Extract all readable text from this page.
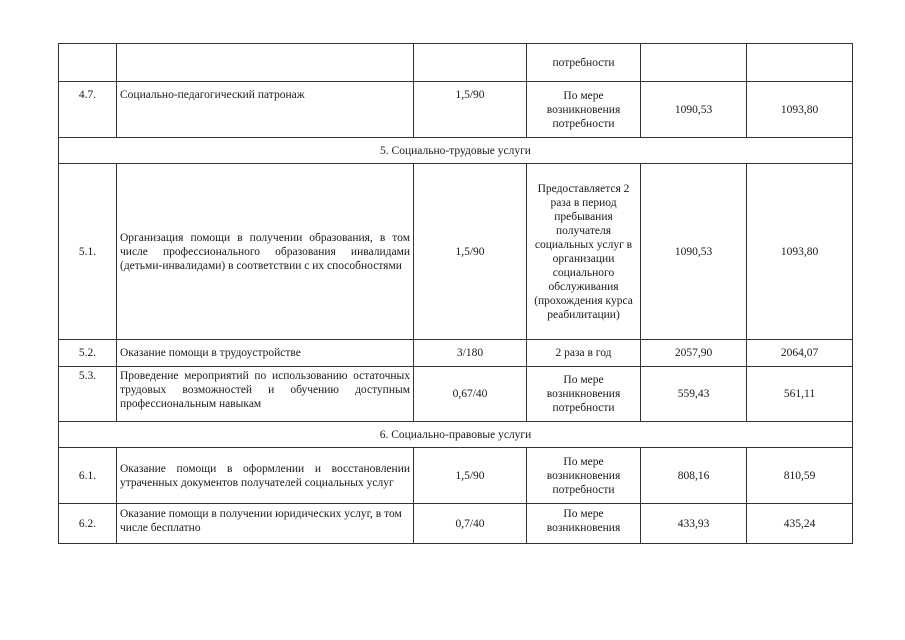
			потребности		
4.7.	Социально-педагогический патронаж	1,5/90	По мере возникновения потребности	1090,53	1093,80
5. Социально-трудовые услуги					
5.1.	Организация помощи в получении образования, в том числе профессионального образования инвалидами (детьми-инвалидами) в соответствии с их способностями	1,5/90	Предоставляется 2 раза в период пребывания получателя социальных услуг в организации социального обслуживания (прохождения курса реабилитации)	1090,53	1093,80
5.2.	Оказание помощи в трудоустройстве	3/180	2 раза в год	2057,90	2064,07
5.3.	Проведение мероприятий по использованию остаточных трудовых возможностей и обучению доступным профессиональным навыкам	0,67/40	По мере возникновения потребности	559,43	561,11
6. Социально-правовые услуги					
6.1.	Оказание помощи в оформлении и восстановлении утраченных документов получателей социальных услуг	1,5/90	По мере возникновения потребности	808,16	810,59
6.2.	Оказание помощи в получении юридических услуг, в том числе бесплатно	0,7/40	По мере возникновения	433,93	435,24
